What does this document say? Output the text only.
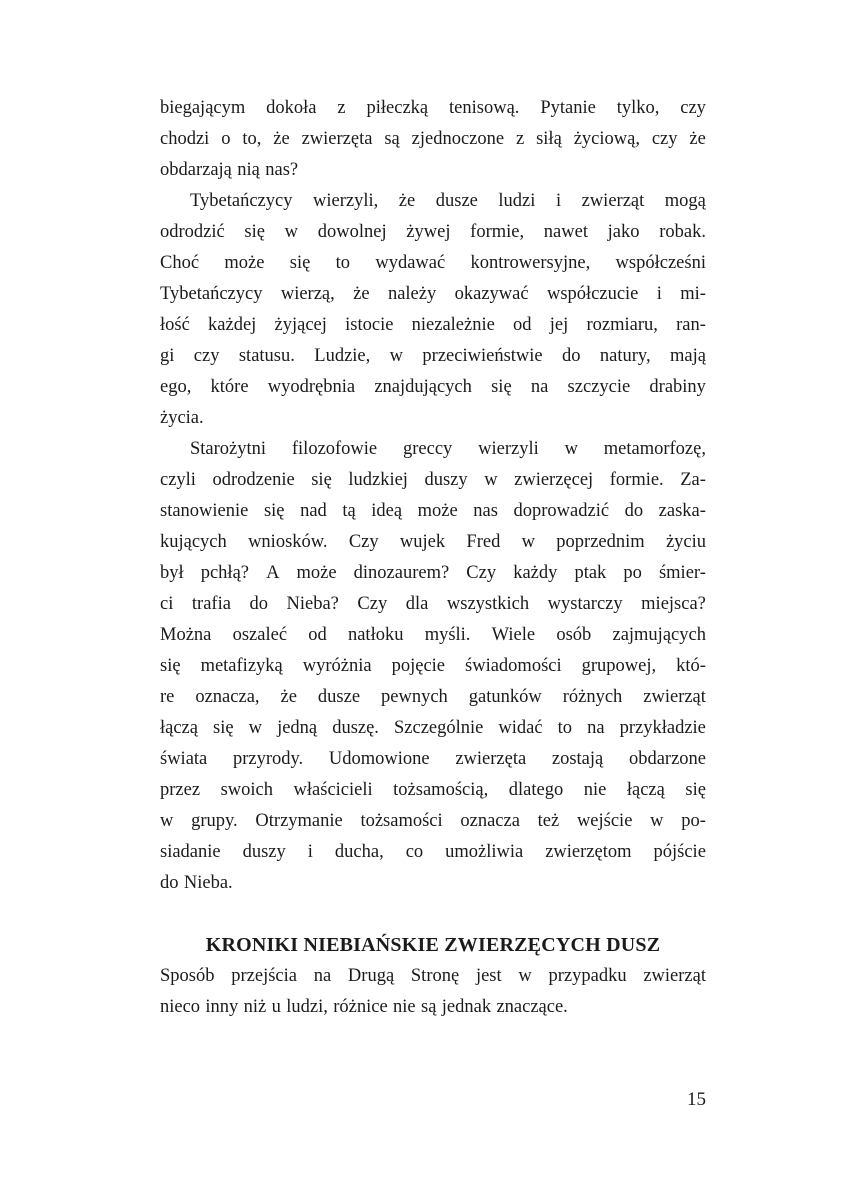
biegającym dokoła z piłeczką tenisową. Pytanie tylko, czy
chodzi o to, że zwierzęta są zjednoczone z siłą życiową, czy że
obdarzają nią nas?
Tybetańczycy wierzyli, że dusze ludzi i zwierząt mogą
odrodzić się w dowolnej żywej formie, nawet jako robak.
Choć może się to wydawać kontrowersyjne, współcześni
Tybetańczycy wierzą, że należy okazywać współczucie i mi-
łość każdej żyjącej istocie niezależnie od jej rozmiaru, ran-
gi czy statusu. Ludzie, w przeciwieństwie do natury, mają
ego, które wyodrębnia znajdujących się na szczycie drabiny
życia.
Starożytni filozofowie greccy wierzyli w metamorfozę,
czyli odrodzenie się ludzkiej duszy w zwierzęcej formie. Za-
stanowienie się nad tą ideą może nas doprowadzić do zaska-
kujących wniosków. Czy wujek Fred w poprzednim życiu
był pchłą? A może dinozaurem? Czy każdy ptak po śmier-
ci trafia do Nieba? Czy dla wszystkich wystarczy miejsca?
Można oszaleć od natłoku myśli. Wiele osób zajmujących
się metafizyką wyróżnia pojęcie świadomości grupowej, któ-
re oznacza, że dusze pewnych gatunków różnych zwierząt
łączą się w jedną duszę. Szczególnie widać to na przykładzie
świata przyrody. Udomowione zwierzęta zostają obdarzone
przez swoich właścicieli tożsamością, dlatego nie łączą się
w grupy. Otrzymanie tożsamości oznacza też wejście w po-
siadanie duszy i ducha, co umożliwia zwierzętom pójście
do Nieba.
KRONIKI NIEBIAŃSKIE ZWIERZĘCYCH DUSZ
Sposób przejścia na Drugą Stronę jest w przypadku zwierząt
nieco inny niż u ludzi, różnice nie są jednak znaczące.
15
